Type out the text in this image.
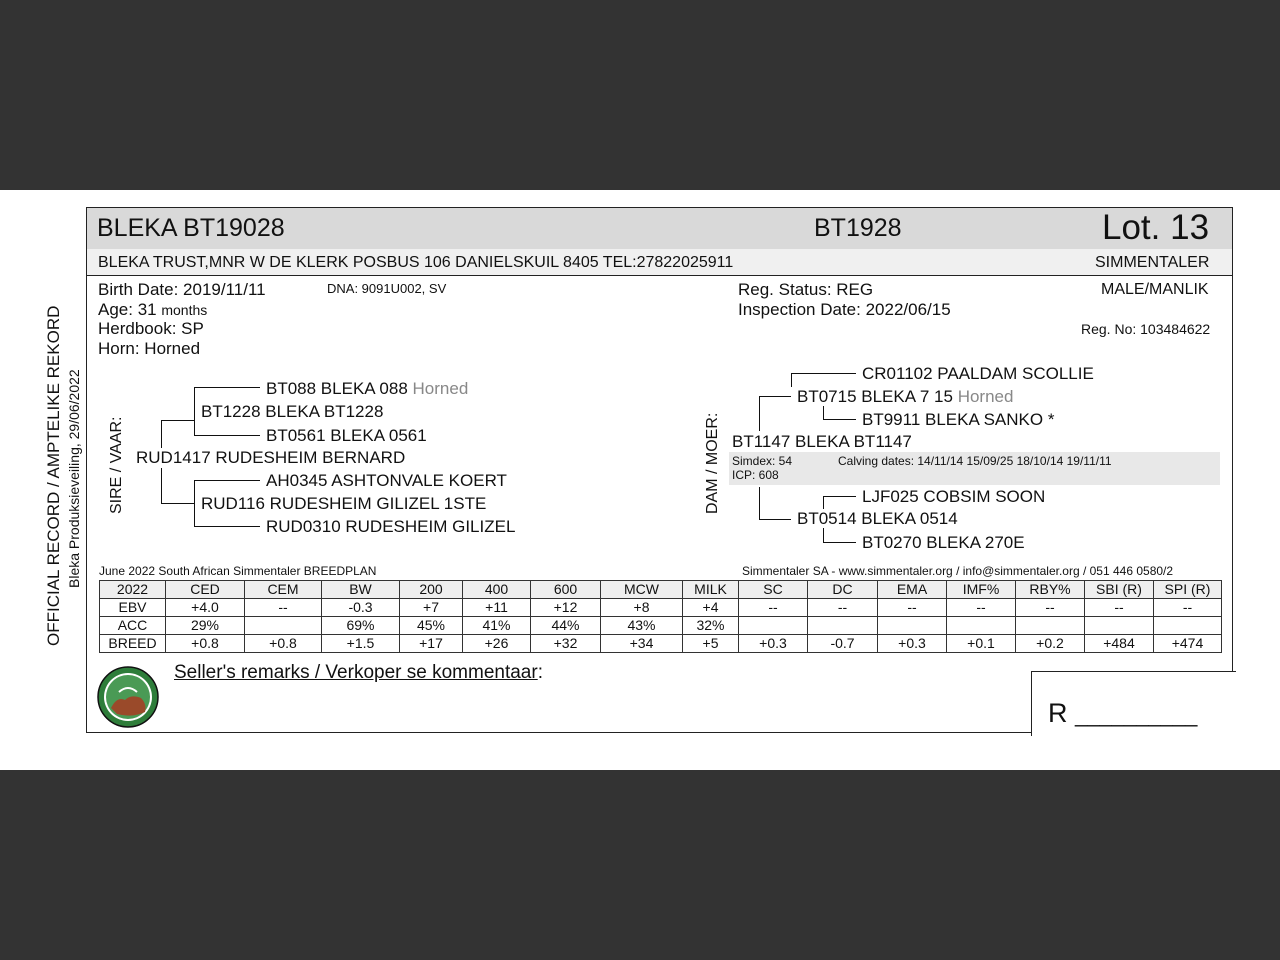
OFFICIAL RECORD / AMPTELIKE REKORD Bleka Produksieveiling, 29/06/2022
BLEKA BT19028	BT1928	Lot. 13
BLEKA TRUST,MNR W DE KLERK POSBUS 106 DANIELSKUIL 8405 TEL:27822025911	SIMMENTALER
Birth Date: 2019/11/11	DNA: 9091U002, SV
Age: 31 months
Herdbook: SP
Horn: Horned
Reg. Status: REG
Inspection Date: 2022/06/15
MALE/MANLIK
Reg. No: 103484622
SIRE / VAAR: RUD1417 RUDESHEIM BERNARD
BT1228 BLEKA BT1228
BT088 BLEKA 088 Horned
BT0561 BLEKA 0561
RUD116 RUDESHEIM GILIZEL 1STE
AH0345 ASHTONVALE KOERT
RUD0310 RUDESHEIM GILIZEL
DAM / MOER: BT1147 BLEKA BT1147
BT0715 BLEKA 7 15 Horned
CR01102 PAALDAM SCOLLIE
BT9911 BLEKA SANKO *
BT0514 BLEKA 0514
LJF025 COBSIM SOON
BT0270 BLEKA 270E
Simdex: 54	Calving dates: 14/11/14 15/09/25 18/10/14 19/11/11
ICP: 608
June 2022 South African Simmentaler BREEDPLAN	Simmentaler SA - www.simmentaler.org / info@simmentaler.org / 051 446 0580/2
2022	CED	CEM	BW	200	400	600	MCW	MILK	SC	DC	EMA	IMF%	RBY%	SBI (R)	SPI (R)
EBV	+4.0	--	-0.3	+7	+11	+12	+8	+4	--	--	--	--	--	--	--
ACC	29%		69%	45%	41%	44%	43%	32%							
BREED	+0.8	+0.8	+1.5	+17	+26	+32	+34	+5	+0.3	-0.7	+0.3	+0.1	+0.2	+484	+474
Seller's remarks / Verkoper se kommentaar:
R __________
